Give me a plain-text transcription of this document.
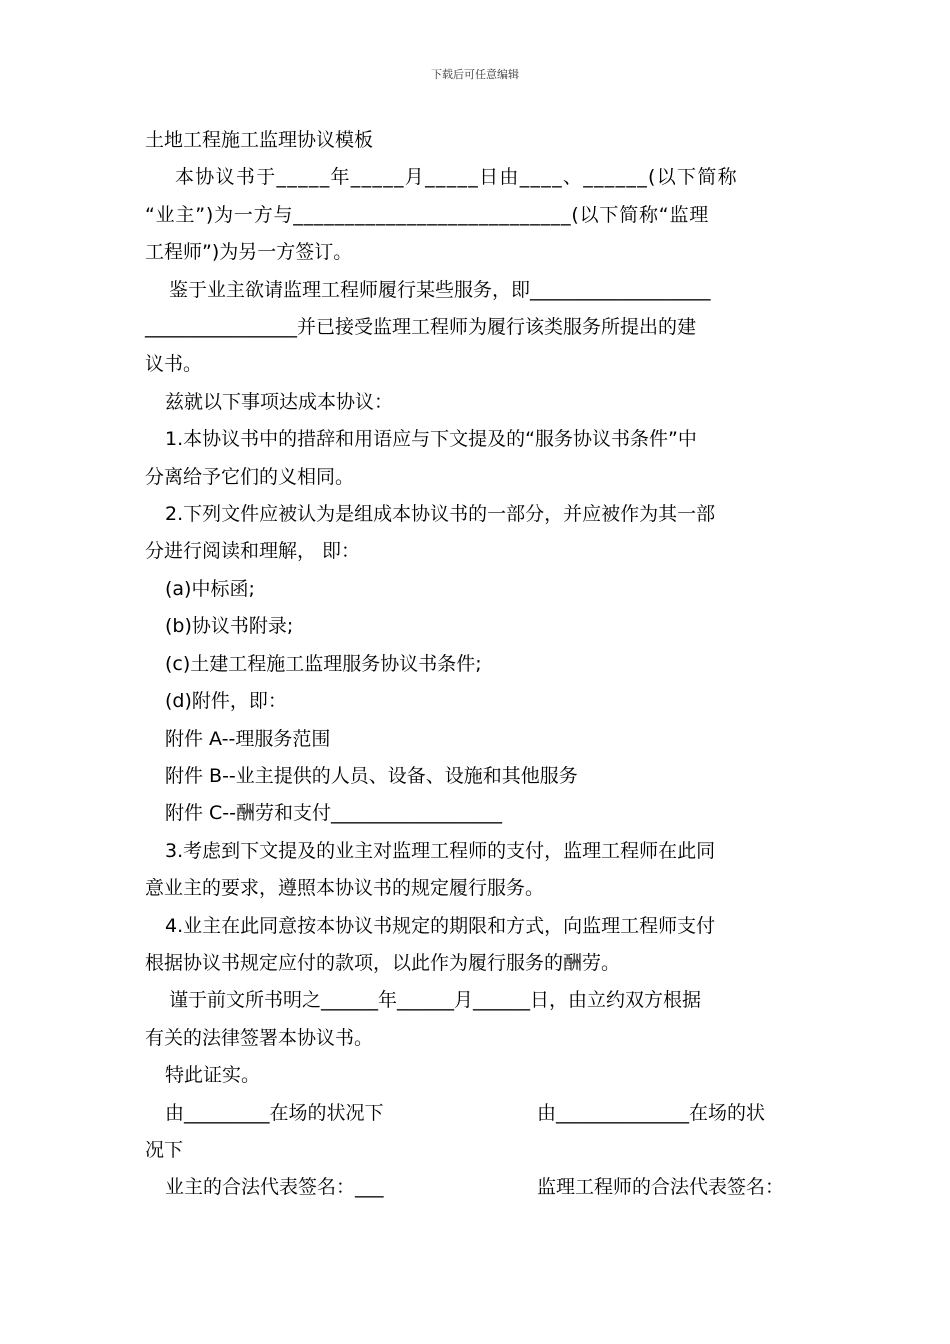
下载后可任意编辑

土地工程施工监理协议模板

本协议书于_____年_____月_____日由____、______(以下简称

“业主”)为一方与___________________________(以下简称“监理

工程师”)为另一方签订。

鉴于业主欲请监理工程师履行某些服务，即___________________

________________并已接受监理工程师为履行该类服务所提出的建

议书。

兹就以下事项达成本协议：

1.本协议书中的措辞和用语应与下文提及的“服务协议书条件”中

分离给予它们的义相同。

2.下列文件应被认为是组成本协议书的一部分，并应被作为其一部

分进行阅读和理解， 即：

(a)中标函;

(b)协议书附录;

(c)土建工程施工监理服务协议书条件;

(d)附件，即：

附件 A--理服务范围

附件 B--业主提供的人员、设备、设施和其他服务

附件 C--酬劳和支付__________________

3.考虑到下文提及的业主对监理工程师的支付，监理工程师在此同

意业主的要求，遵照本协议书的规定履行服务。

4.业主在此同意按本协议书规定的期限和方式，向监理工程师支付

根据协议书规定应付的款项，以此作为履行服务的酬劳。

谨于前文所书明之______年______月______日，由立约双方根据

有关的法律签署本协议书。

特此证实。

由_________在场的状况下	由______________在场的状

况下

业主的合法代表签名：___	监理工程师的合法代表签名：
